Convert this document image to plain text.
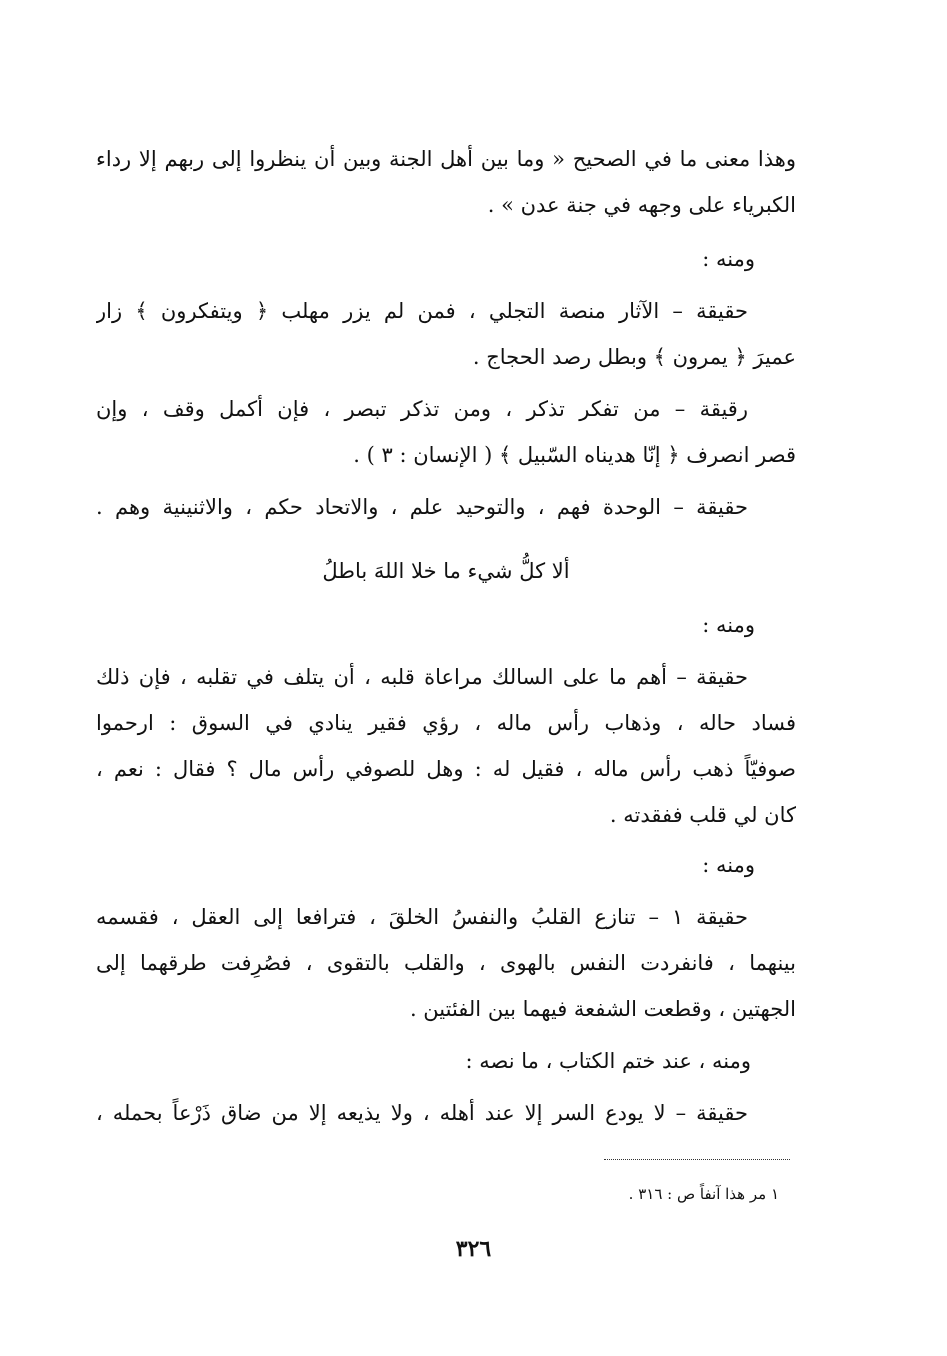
وهذا معنى ما في الصحيح « وما بين أهل الجنة وبين أن ينظروا إلى ربهم إلا رداء
الكبرياء على وجهه في جنة عدن » .
ومنه :
حقيقة – الآثار منصة التجلي ، فمن لم يزر مهلب ﴿ ويتفكرون ﴾ زار
عميرَ ﴿ يمرون ﴾ وبطل رصد الحجاج .
رقيقة – من تفكر تذكر ، ومن تذكر تبصر ، فإن أكمل وقف ، وإن
قصر انصرف ﴿ إنّا هديناه السّبيل ﴾ ( الإنسان : ٣ ) .
حقيقة – الوحدة فهم ، والتوحيد علم ، والاتحاد حكم ، والاثنينية وهم .
ألا كلُّ شيء ما خلا اللهَ باطلُ
ومنه :
حقيقة – أهم ما على السالك مراعاة قلبه ، أن يتلف في تقلبه ، فإن ذلك
فساد حاله ، وذهاب رأس ماله ، رؤي فقير ينادي في السوق : ارحموا
صوفيّاً ذهب رأس ماله ، فقيل له : وهل للصوفي رأس مال ؟ فقال : نعم ،
كان لي قلب ففقدته .
ومنه :
حقيقة ١ – تنازع القلبُ والنفسُ الخلقَ ، فترافعا إلى العقل ، فقسمه
بينهما ، فانفردت النفس بالهوى ، والقلب بالتقوى ، فصُرِفت طرقهما إلى
الجهتين ، وقطعت الشفعة فيهما بين الفئتين .
ومنه ، عند ختم الكتاب ، ما نصه :
حقيقة – لا يودع السر إلا عند أهله ، ولا يذيعه إلا من ضاق ذَرْعاً بحمله ،
١ مر هذا آنفاً ص : ٣١٦ .
٣٢٦
